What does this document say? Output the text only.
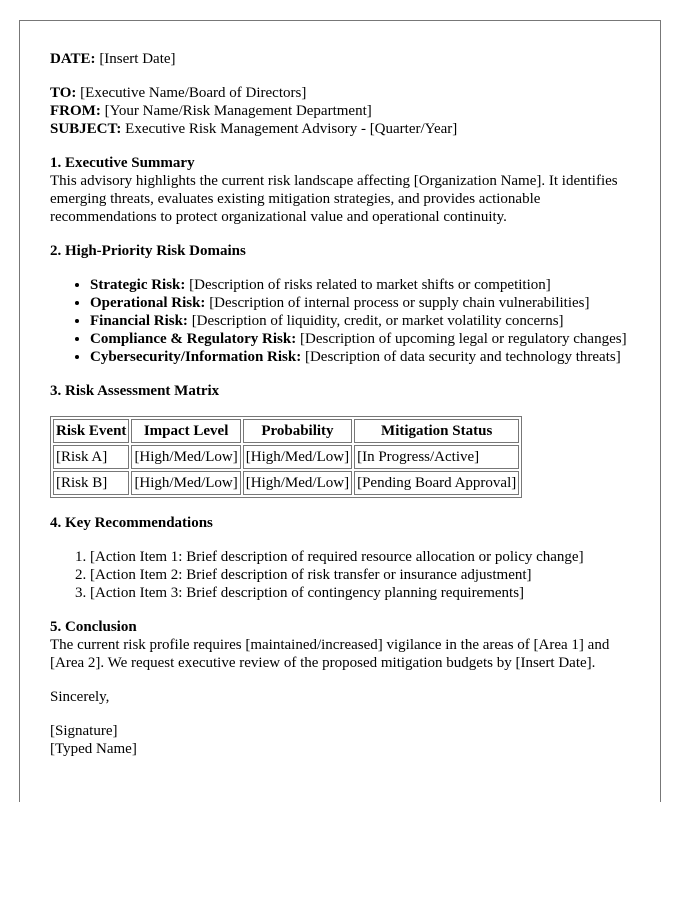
DATE: [Insert Date]
TO: [Executive Name/Board of Directors]
FROM: [Your Name/Risk Management Department]
SUBJECT: Executive Risk Management Advisory - [Quarter/Year]
1. Executive Summary

This advisory highlights the current risk landscape affecting [Organization Name]. It identifies emerging threats, evaluates existing mitigation strategies, and provides actionable recommendations to protect organizational value and operational continuity.

2. High-Priority Risk Domains
• Strategic Risk: [Description of risks related to market shifts or competition]
• Operational Risk: [Description of internal process or supply chain vulnerabilities]
• Financial Risk: [Description of liquidity, credit, or market volatility concerns]
• Compliance & Regulatory Risk: [Description of upcoming legal or regulatory changes]
• Cybersecurity/Information Risk: [Description of data security and technology threats]
3. Risk Assessment Matrix
Risk Event	Impact Level	Probability	Mitigation Status
[Risk A]	[High/Med/Low]	[High/Med/Low]	[In Progress/Active]
[Risk B]	[High/Med/Low]	[High/Med/Low]	[Pending Board Approval]
4. Key Recommendations
1. [Action Item 1: Brief description of required resource allocation or policy change]
2. [Action Item 2: Brief description of risk transfer or insurance adjustment]
3. [Action Item 3: Brief description of contingency planning requirements]
5. Conclusion

The current risk profile requires [maintained/increased] vigilance in the areas of [Area 1] and [Area 2]. We request executive review of the proposed mitigation budgets by [Insert Date].

Sincerely,
[Signature]
[Typed Name]
